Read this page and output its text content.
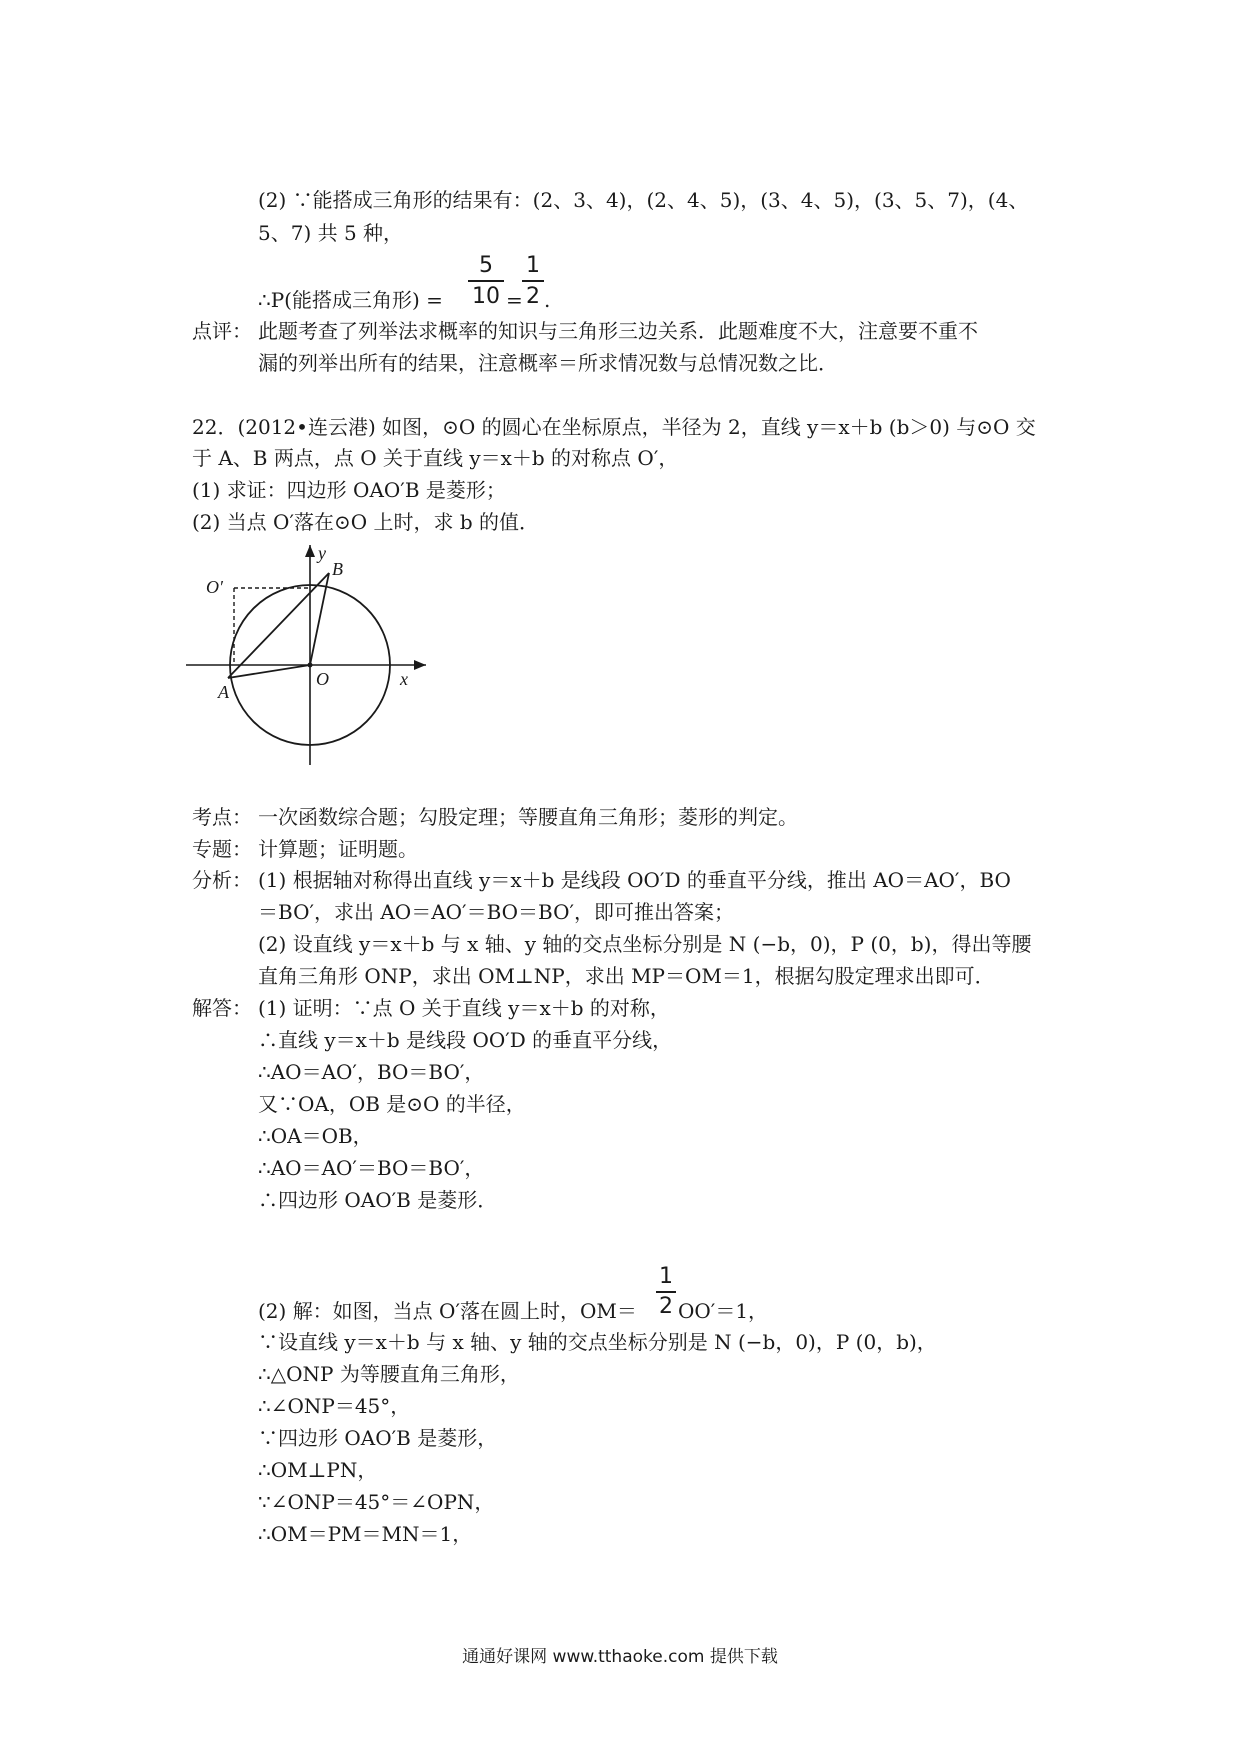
(2) ∵能搭成三角形的结果有：(2、3、4)，(2、4、5)，(3、4、5)，(3、5、7)，(4、
5、7) 共 5 种，
5	1
∴P(能搭成三角形) = 10 = 2 .
点评： 此题考查了列举法求概率的知识与三角形三边关系．此题难度不大，注意要不重不
漏的列举出所有的结果，注意概率＝所求情况数与总情况数之比．
22．(2012•连云港) 如图，⊙O 的圆心在坐标原点，半径为 2，直线 y＝x＋b (b＞0) 与⊙O 交
于 A、B 两点，点 O 关于直线 y＝x＋b 的对称点 O′，
(1) 求证：四边形 OAO′B 是菱形；
(2) 当点 O′落在⊙O 上时，求 b 的值．
y
x
B
O′
O
A
考点： 一次函数综合题；勾股定理；等腰直角三角形；菱形的判定。
专题： 计算题；证明题。
分析： (1) 根据轴对称得出直线 y＝x＋b 是线段 OO′D 的垂直平分线，推出 AO＝AO′，BO
＝BO′，求出 AO＝AO′＝BO＝BO′，即可推出答案；
(2) 设直线 y＝x＋b 与 x 轴、y 轴的交点坐标分别是 N (−b，0)，P (0，b)，得出等腰
直角三角形 ONP，求出 OM⊥NP，求出 MP＝OM＝1，根据勾股定理求出即可．
解答： (1) 证明：∵点 O 关于直线 y＝x＋b 的对称，
∴直线 y＝x＋b 是线段 OO′D 的垂直平分线，
∴AO＝AO′，BO＝BO′，
又∵OA，OB 是⊙O 的半径，
∴OA＝OB，
∴AO＝AO′＝BO＝BO′，
∴四边形 OAO′B 是菱形．
1
(2) 解：如图，当点 O′落在圆上时，OM＝ 2 OO′＝1，
∵设直线 y＝x＋b 与 x 轴、y 轴的交点坐标分别是 N (−b，0)，P (0，b)，
∴△ONP 为等腰直角三角形，
∴∠ONP＝45°，
∵四边形 OAO′B 是菱形，
∴OM⊥PN，
∵∠ONP＝45°＝∠OPN，
∴OM＝PM＝MN＝1，
通通好课网 www.tthaoke.com 提供下载
